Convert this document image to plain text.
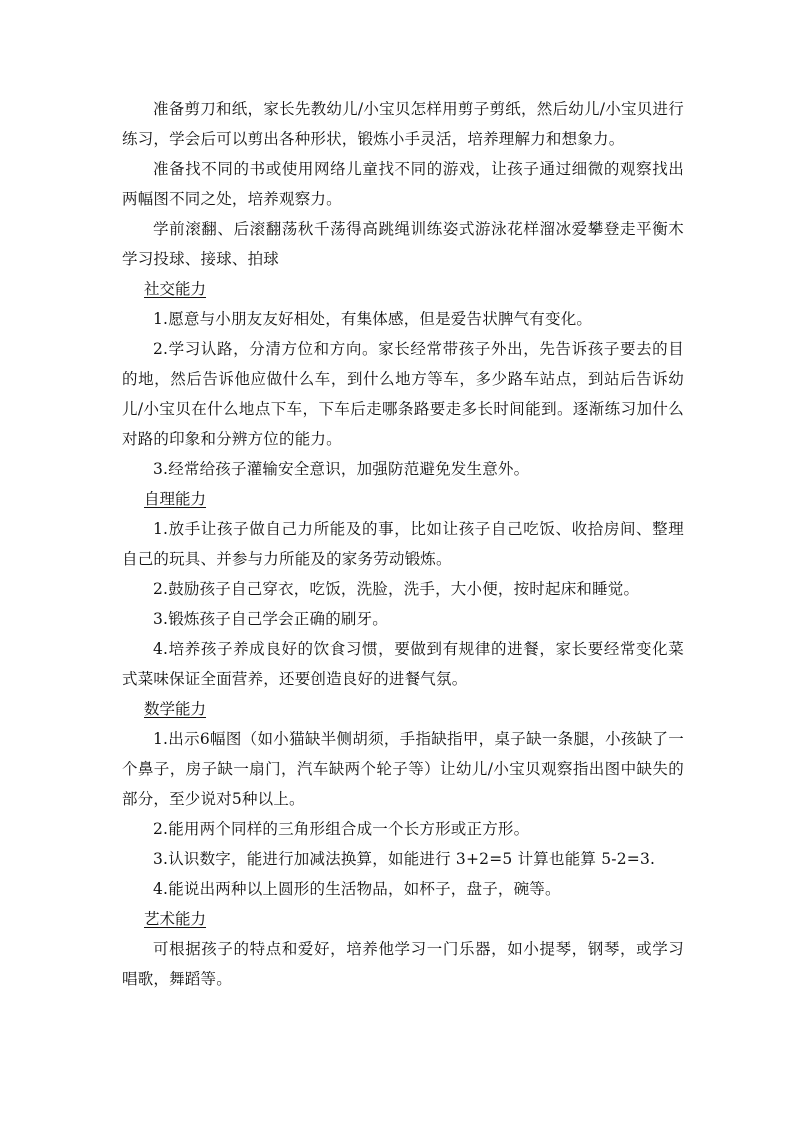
准备剪刀和纸，家长先教幼儿/小宝贝怎样用剪子剪纸，然后幼儿/小宝贝进行练习，学会后可以剪出各种形状，锻炼小手灵活，培养理解力和想象力。

准备找不同的书或使用网络儿童找不同的游戏，让孩子通过细微的观察找出两幅图不同之处，培养观察力。

学前滚翻、后滚翻荡秋千荡得高跳绳训练姿式游泳花样溜冰爱攀登走平衡木学习投球、接球、拍球

社交能力

1.愿意与小朋友友好相处，有集体感，但是爱告状脾气有变化。

2.学习认路，分清方位和方向。家长经常带孩子外出，先告诉孩子要去的目的地，然后告诉他应做什么车，到什么地方等车，多少路车站点，到站后告诉幼儿/小宝贝在什么地点下车，下车后走哪条路要走多长时间能到。逐渐练习加什么对路的印象和分辨方位的能力。

3.经常给孩子灌输安全意识，加强防范避免发生意外。

自理能力

1.放手让孩子做自己力所能及的事，比如让孩子自己吃饭、收拾房间、整理自己的玩具、并参与力所能及的家务劳动锻炼。

2.鼓励孩子自己穿衣，吃饭，洗脸，洗手，大小便，按时起床和睡觉。

3.锻炼孩子自己学会正确的刷牙。

4.培养孩子养成良好的饮食习惯，要做到有规律的进餐，家长要经常变化菜式菜味保证全面营养，还要创造良好的进餐气氛。

数学能力

1.出示6幅图（如小猫缺半侧胡须，手指缺指甲，桌子缺一条腿，小孩缺了一个鼻子，房子缺一扇门，汽车缺两个轮子等）让幼儿/小宝贝观察指出图中缺失的部分，至少说对5种以上。

2.能用两个同样的三角形组合成一个长方形或正方形。

3.认识数字，能进行加减法换算，如能进行 3+2=5 计算也能算 5-2=3.

4.能说出两种以上圆形的生活物品，如杯子，盘子，碗等。

艺术能力

可根据孩子的特点和爱好，培养他学习一门乐器，如小提琴，钢琴，或学习唱歌，舞蹈等。
